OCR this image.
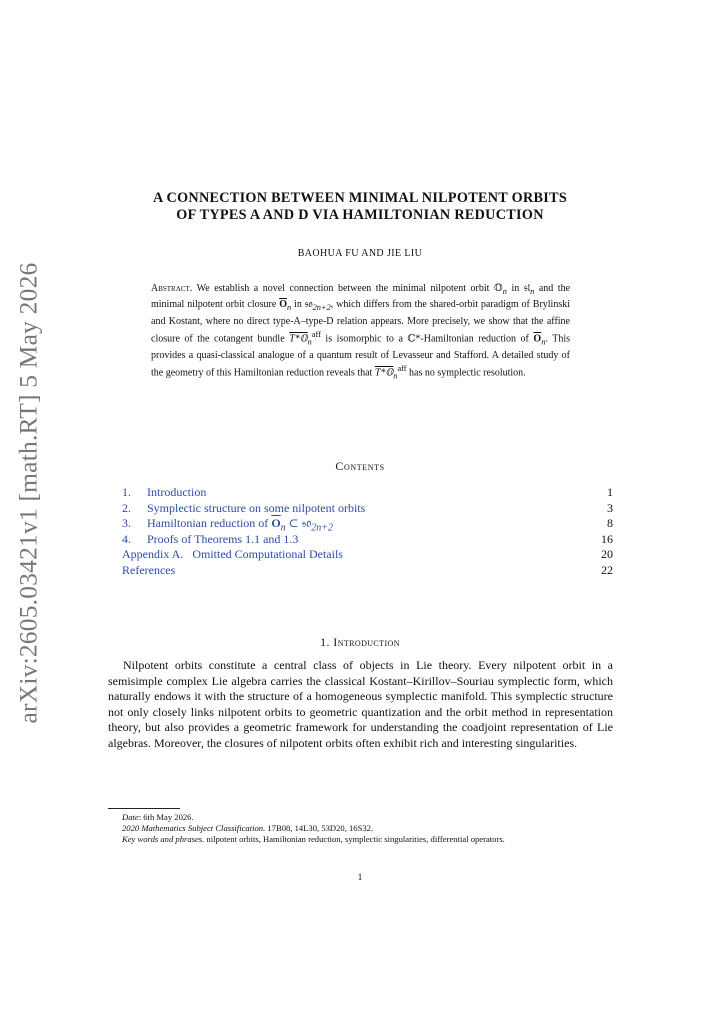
arXiv:2605.03421v1 [math.RT] 5 May 2026
A CONNECTION BETWEEN MINIMAL NILPOTENT ORBITS
OF TYPES A AND D VIA HAMILTONIAN REDUCTION
BAOHUA FU AND JIE LIU
Abstract. We establish a novel connection between the minimal nilpotent orbit 𝕆$_n$ in 𝔰𝔩$_n$ and the minimal nilpotent orbit closure $\overline{O}_n$ in 𝔰𝔬$_{2n+2}$, which differs from the shared-orbit paradigm of Brylinski and Kostant, where no direct type-A–type-D relation appears. More precisely, we show that the affine closure of the cotangent bundle T*𝕆$_n^{aff}$ is isomorphic to a ℂ*-Hamiltonian reduction of $\overline{O}_n$. This provides a quasi-classical analogue of a quantum result of Levasseur and Stafford. A detailed study of the geometry of this Hamiltonian reduction reveals that T*𝕆$_n^{aff}$ has no symplectic resolution.
Contents
1. Introduction	1
2. Symplectic structure on some nilpotent orbits	3
3. Hamiltonian reduction of $\overline{O}_n$ ⊂ 𝔰𝔬$_{2n+2}$	8
4. Proofs of Theorems 1.1 and 1.3	16
Appendix A.   Omitted Computational Details	20
References	22
1. Introduction
Nilpotent orbits constitute a central class of objects in Lie theory. Every nilpotent orbit in a semisimple complex Lie algebra carries the classical Kostant–Kirillov–Souriau symplectic form, which naturally endows it with the structure of a homogeneous symplectic manifold. This symplectic structure not only closely links nilpotent orbits to geometric quantization and the orbit method in representation theory, but also provides a geometric framework for understanding the coadjoint representation of Lie algebras. Moreover, the closures of nilpotent orbits often exhibit rich and interesting singularities.

Date: 6th May 2026.

2020 Mathematics Subject Classification. 17B08, 14L30, 53D20, 16S32.

Key words and phrases. nilpotent orbits, Hamiltonian reduction, symplectic singularities, differential operators.

1
